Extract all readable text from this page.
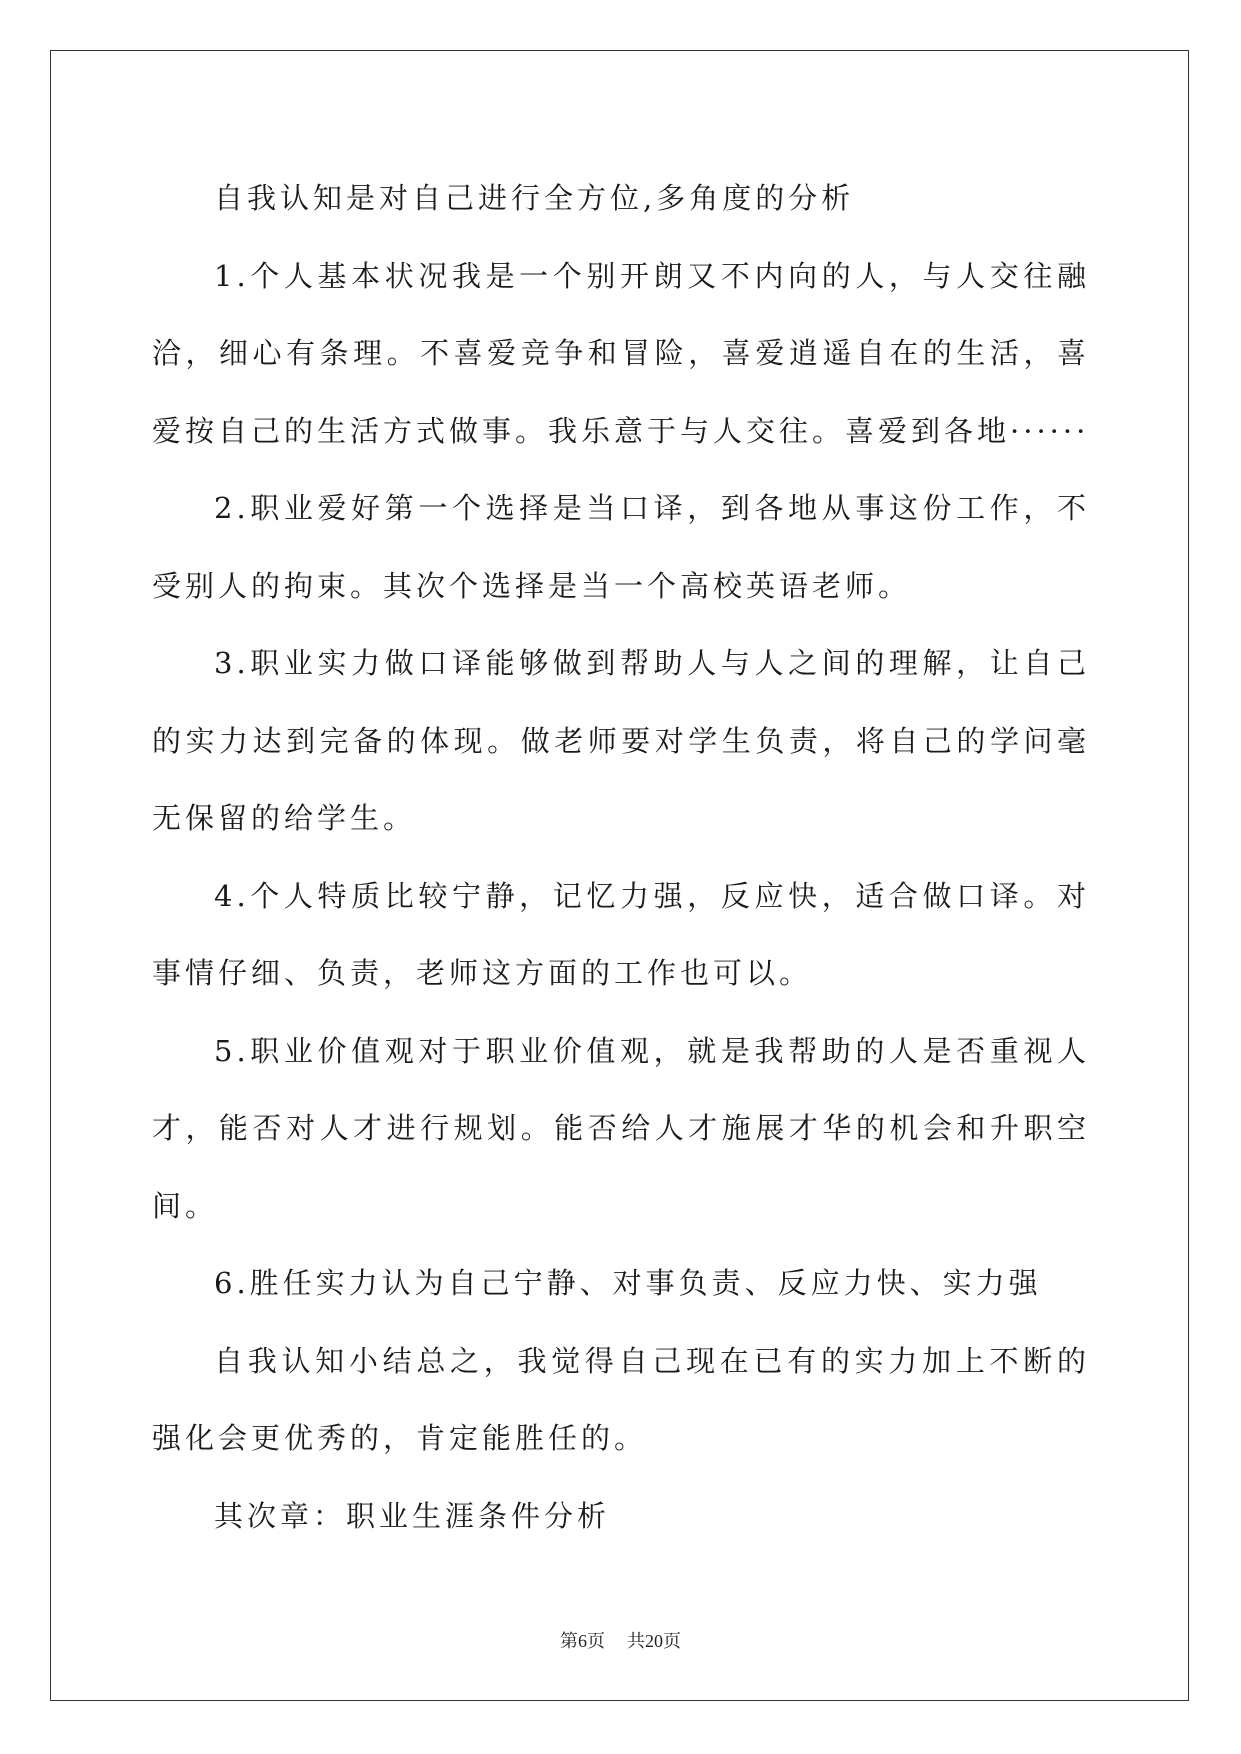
自我认知是对自己进行全方位,多角度的分析

1.个人基本状况我是一个别开朗又不内向的人，与人交往融洽，细心有条理。不喜爱竞争和冒险，喜爱逍遥自在的生活，喜爱按自己的生活方式做事。我乐意于与人交往。喜爱到各地······

2.职业爱好第一个选择是当口译，到各地从事这份工作，不受别人的拘束。其次个选择是当一个高校英语老师。

3.职业实力做口译能够做到帮助人与人之间的理解，让自己的实力达到完备的体现。做老师要对学生负责，将自己的学问毫无保留的给学生。

4.个人特质比较宁静，记忆力强，反应快，适合做口译。对事情仔细、负责，老师这方面的工作也可以。

5.职业价值观对于职业价值观，就是我帮助的人是否重视人才，能否对人才进行规划。能否给人才施展才华的机会和升职空间。

6.胜任实力认为自己宁静、对事负责、反应力快、实力强

自我认知小结总之，我觉得自己现在已有的实力加上不断的强化会更优秀的，肯定能胜任的。

其次章：职业生涯条件分析

第6页 共20页
